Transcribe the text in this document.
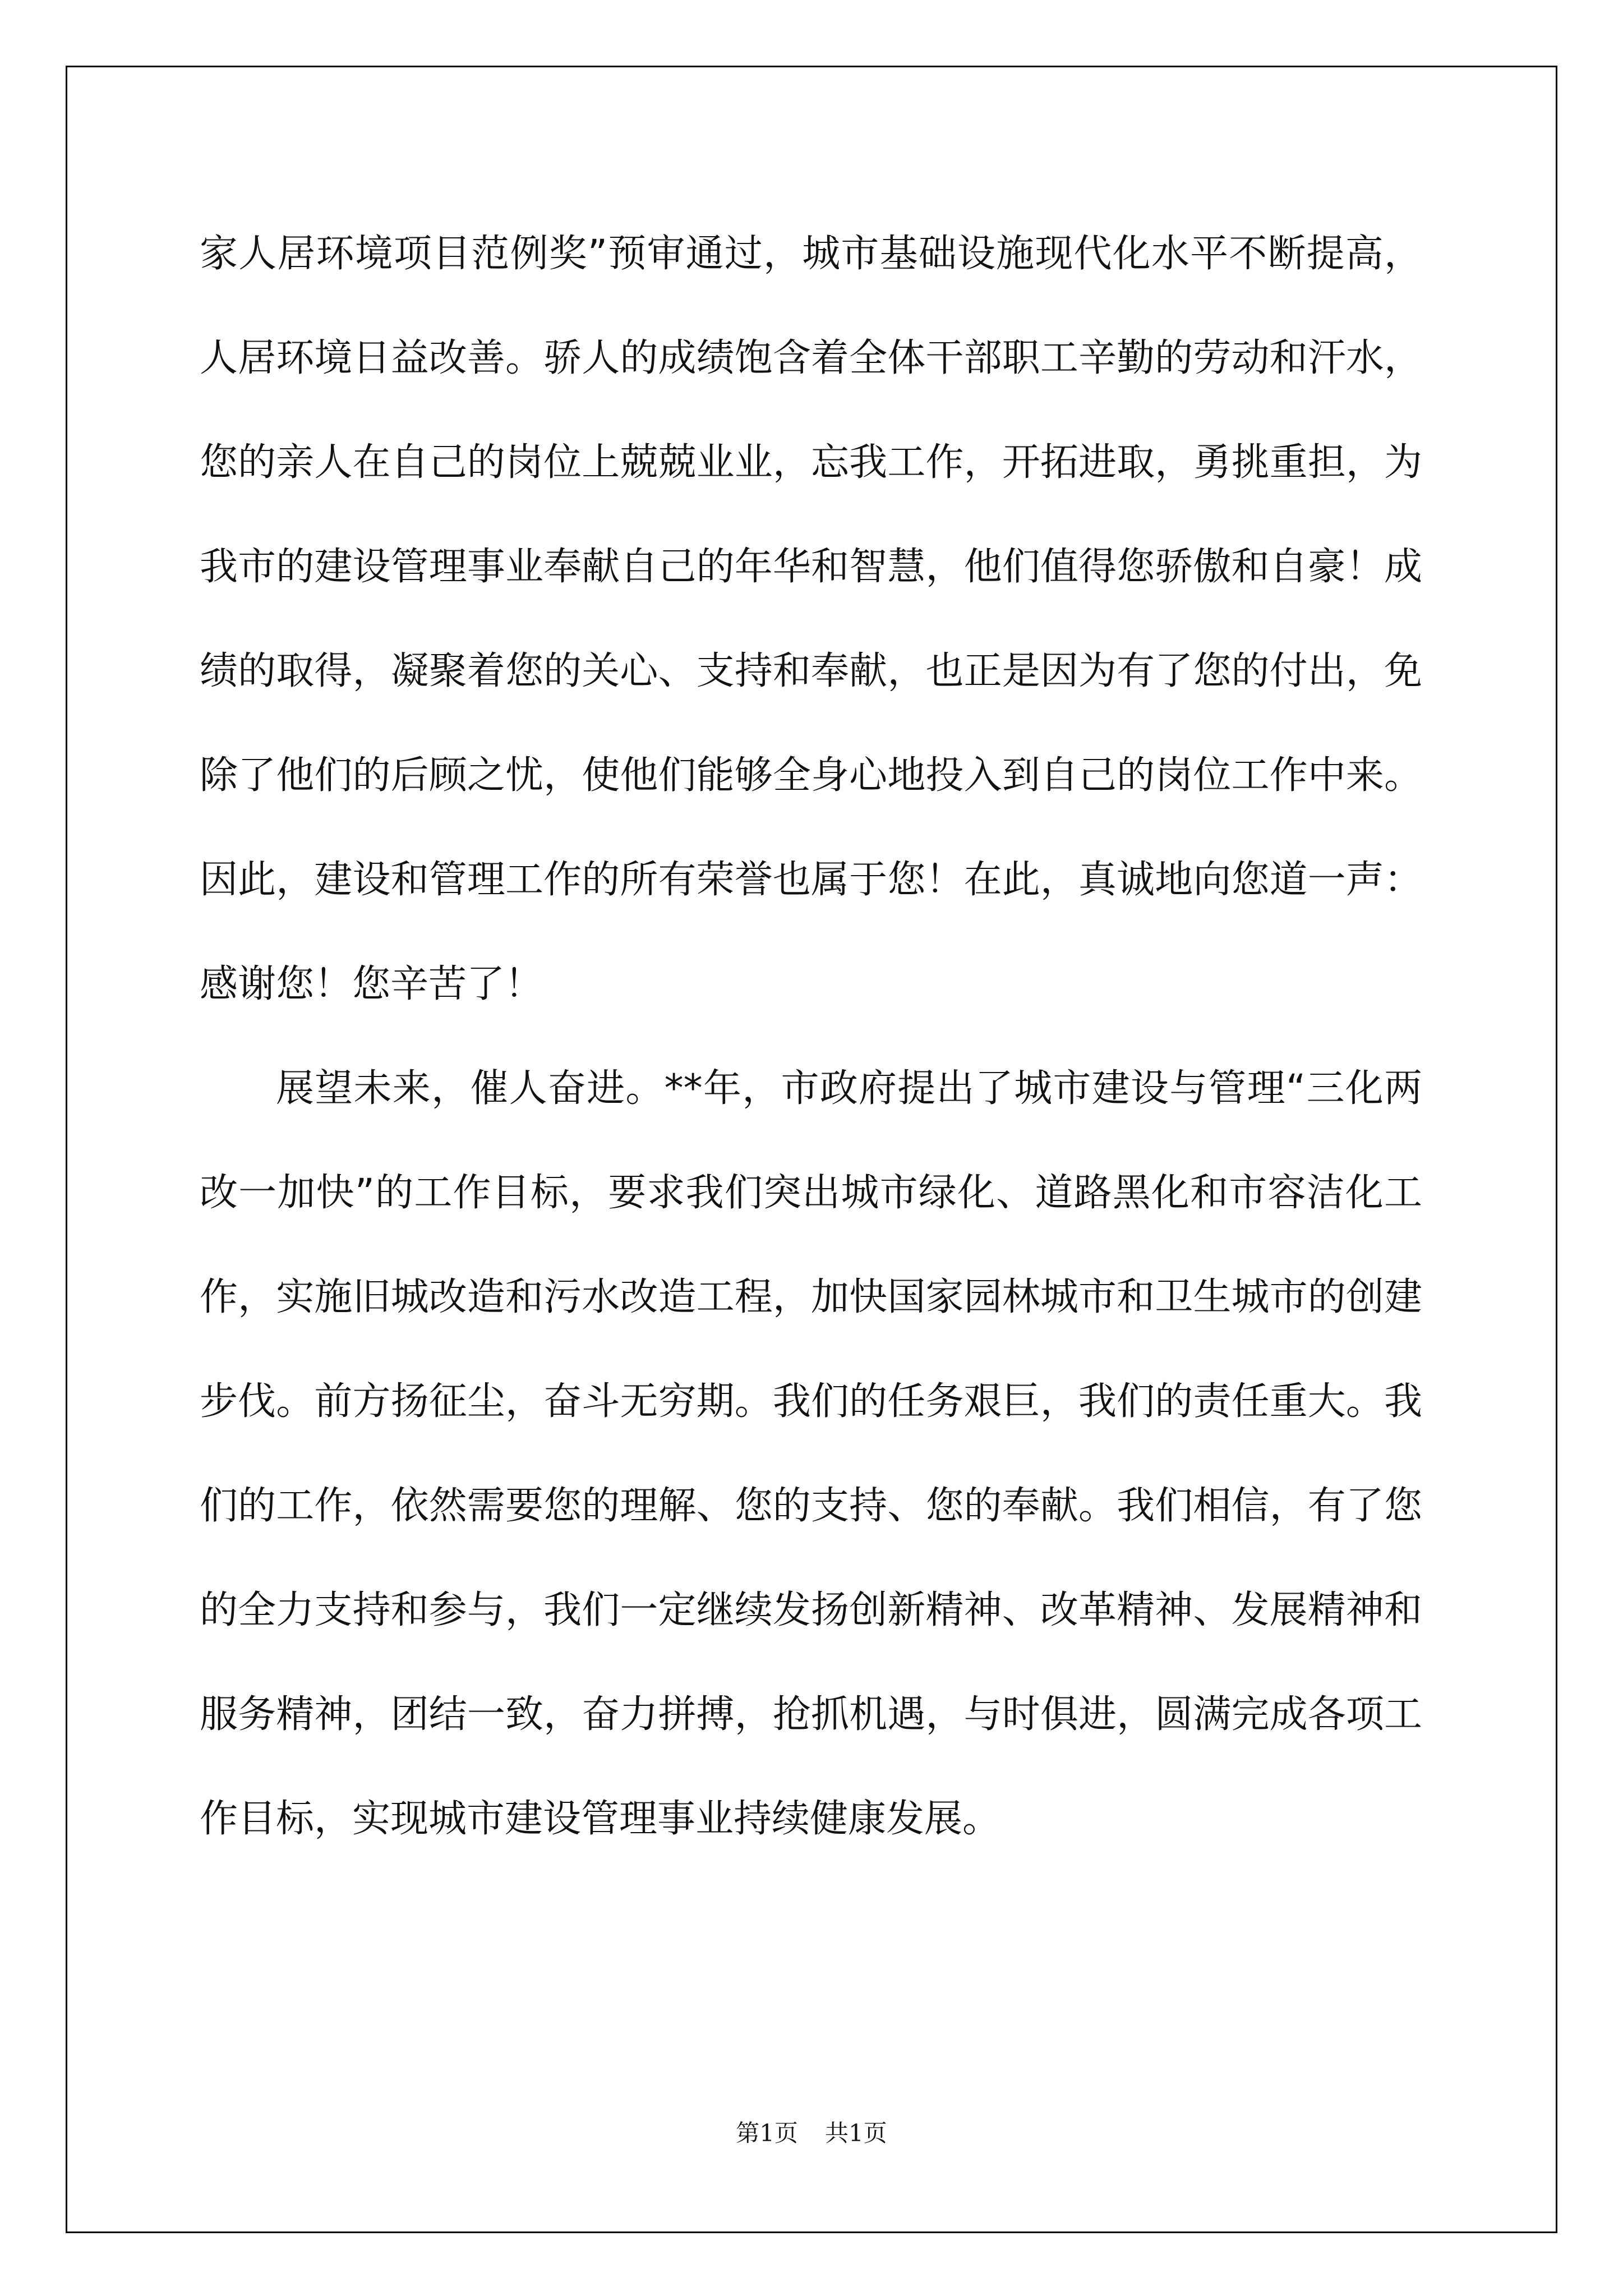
家人居环境项目范例奖”预审通过，城市基础设施现代化水平不断提高，人居环境日益改善。骄人的成绩饱含着全体干部职工辛勤的劳动和汗水，您的亲人在自己的岗位上兢兢业业，忘我工作，开拓进取，勇挑重担，为我市的建设管理事业奉献自己的年华和智慧，他们值得您骄傲和自豪！成绩的取得，凝聚着您的关心、支持和奉献，也正是因为有了您的付出，免除了他们的后顾之忧，使他们能够全身心地投入到自己的岗位工作中来。因此，建设和管理工作的所有荣誉也属于您！在此，真诚地向您道一声：感谢您！您辛苦了！

展望未来，催人奋进。**年，市政府提出了城市建设与管理“三化两改一加快”的工作目标，要求我们突出城市绿化、道路黑化和市容洁化工作，实施旧城改造和污水改造工程，加快国家园林城市和卫生城市的创建步伐。前方扬征尘，奋斗无穷期。我们的任务艰巨，我们的责任重大。我们的工作，依然需要您的理解、您的支持、您的奉献。我们相信，有了您的全力支持和参与，我们一定继续发扬创新精神、改革精神、发展精神和服务精神，团结一致，奋力拼搏，抢抓机遇，与时俱进，圆满完成各项工作目标，实现城市建设管理事业持续健康发展。

第1页 共1页
